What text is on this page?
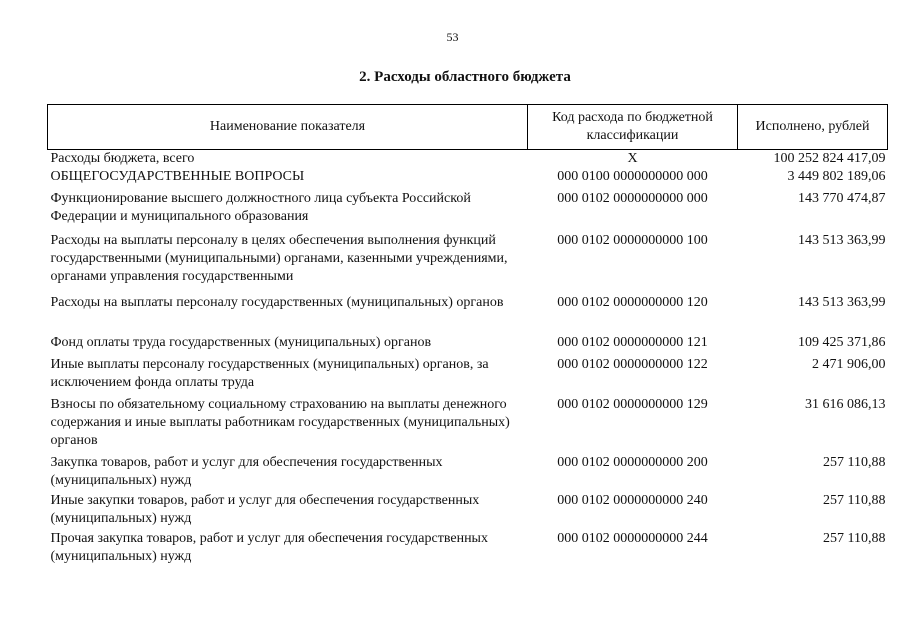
53
2. Расходы областного бюджета
Наименование показателя	Код расхода по бюджетной классификации	Исполнено, рублей
Расходы бюджета, всего	X	100 252 824 417,09
ОБЩЕГОСУДАРСТВЕННЫЕ ВОПРОСЫ	000 0100 0000000000 000	3 449 802 189,06
Функционирование высшего должностного лица субъекта Российской Федерации и муниципального образования	000 0102 0000000000 000	143 770 474,87
Расходы на выплаты персоналу в целях обеспечения выполнения функций государственными (муниципальными) органами, казенными учреждениями, органами управления государственными	000 0102 0000000000 100	143 513 363,99
Расходы на выплаты персоналу государственных (муниципальных) органов	000 0102 0000000000 120	143 513 363,99
Фонд оплаты труда государственных (муниципальных) органов	000 0102 0000000000 121	109 425 371,86
Иные выплаты персоналу государственных (муниципальных) органов, за исключением фонда оплаты труда	000 0102 0000000000 122	2 471 906,00
Взносы по обязательному социальному страхованию на выплаты денежного содержания и иные выплаты работникам государственных (муниципальных) органов	000 0102 0000000000 129	31 616 086,13
Закупка товаров, работ и услуг для обеспечения государственных (муниципальных) нужд	000 0102 0000000000 200	257 110,88
Иные закупки товаров, работ и услуг для обеспечения государственных (муниципальных) нужд	000 0102 0000000000 240	257 110,88
Прочая закупка товаров, работ и услуг для обеспечения государственных (муниципальных) нужд	000 0102 0000000000 244	257 110,88
